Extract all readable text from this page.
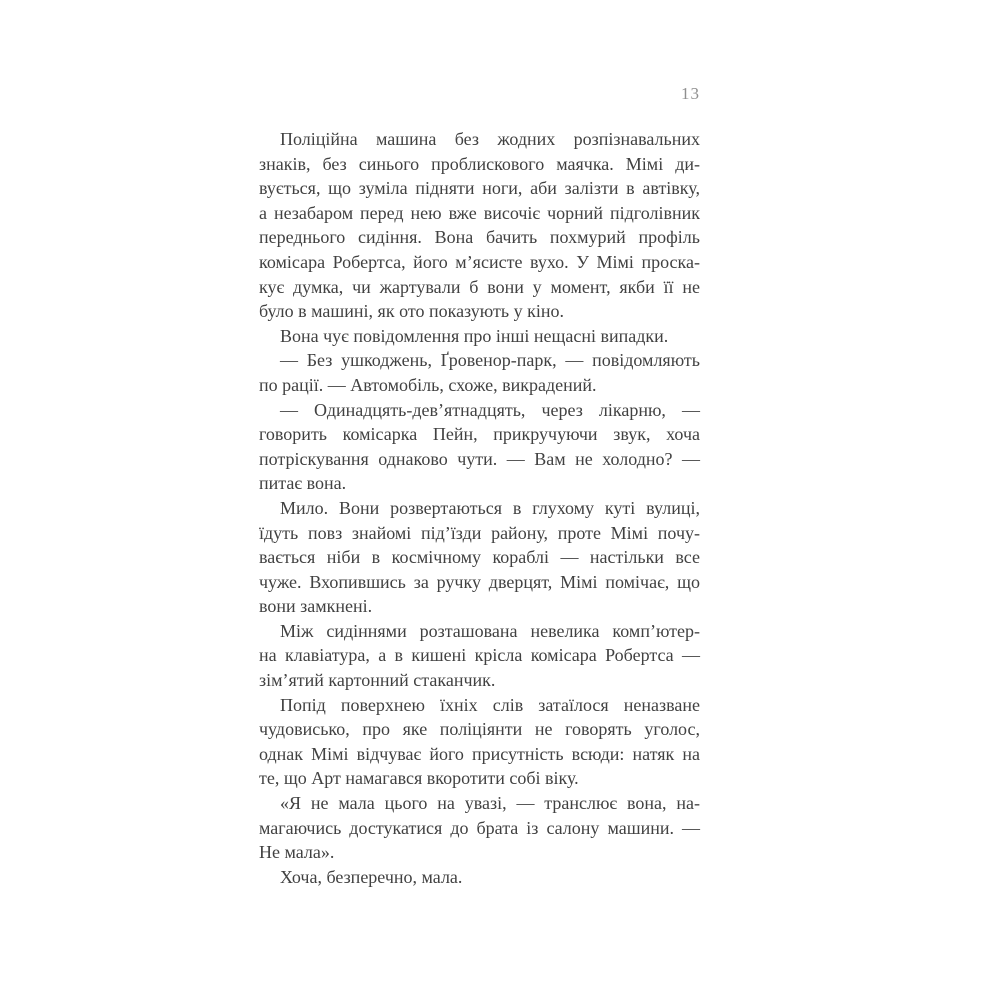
13
Поліційна машина без жодних розпізнавальних
знаків, без синього проблискового маячка. Мімі ди-
вується, що зуміла підняти ноги, аби залізти в автівку,
а незабаром перед нею вже височіє чорний підголівник
переднього сидіння. Вона бачить похмурий профіль
комісара Робертса, його м’ясисте вухо. У Мімі проска-
кує думка, чи жартували б вони у момент, якби її не
було в машині, як ото показують у кіно.
Вона чує повідомлення про інші нещасні випадки.
— Без ушкоджень, Ґровенор-парк, — повідомляють
по рації. — Автомобіль, схоже, викрадений.
— Одинадцять-дев’ятнадцять, через лікарню, —
говорить комісарка Пейн, прикручуючи звук, хоча
потріскування однаково чути. — Вам не холодно? —
питає вона.
Мило. Вони розвертаються в глухому куті вулиці,
їдуть повз знайомі під’їзди району, проте Мімі почу-
вається ніби в космічному кораблі — настільки все
чуже. Вхопившись за ручку дверцят, Мімі помічає, що
вони замкнені.
Між сидіннями розташована невелика комп’ютер-
на клавіатура, а в кишені крісла комісара Робертса —
зім’ятий картонний стаканчик.
Попід поверхнею їхніх слів затаїлося неназване
чудовисько, про яке поліціянти не говорять уголос,
однак Мімі відчуває його присутність всюди: натяк на
те, що Арт намагався вкоротити собі віку.
«Я не мала цього на увазі, — транслює вона, на-
магаючись достукатися до брата із салону машини. —
Не мала».
Хоча, безперечно, мала.
